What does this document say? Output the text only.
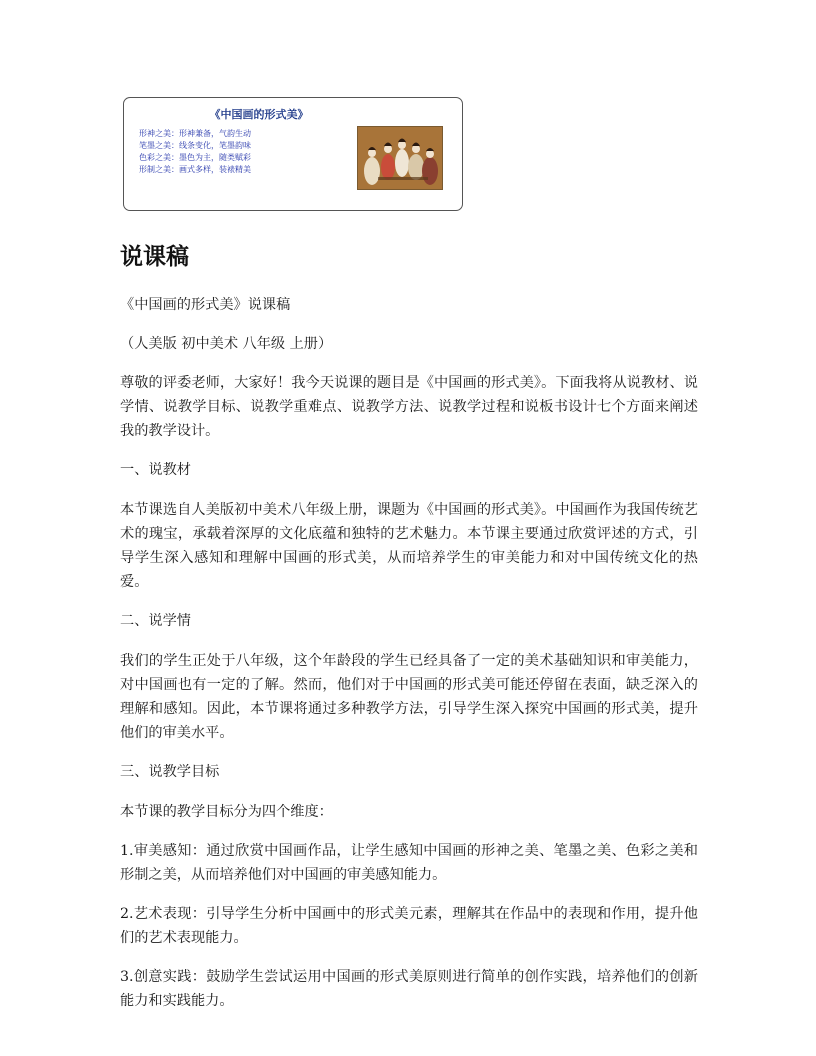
《中国画的形式美》
形神之美：形神兼备，气韵生动
笔墨之美：线条变化，笔墨韵味
色彩之美：墨色为主，随类赋彩
形制之美：画式多样，装裱精美
说课稿

《中国画的形式美》说课稿

（人美版 初中美术 八年级 上册）

尊敬的评委老师，大家好！我今天说课的题目是《中国画的形式美》。下面我将从说教材、说学情、说教学目标、说教学重难点、说教学方法、说教学过程和说板书设计七个方面来阐述我的教学设计。

一、说教材

本节课选自人美版初中美术八年级上册，课题为《中国画的形式美》。中国画作为我国传统艺术的瑰宝，承载着深厚的文化底蕴和独特的艺术魅力。本节课主要通过欣赏评述的方式，引导学生深入感知和理解中国画的形式美，从而培养学生的审美能力和对中国传统文化的热爱。

二、说学情

我们的学生正处于八年级，这个年龄段的学生已经具备了一定的美术基础知识和审美能力，对中国画也有一定的了解。然而，他们对于中国画的形式美可能还停留在表面，缺乏深入的理解和感知。因此，本节课将通过多种教学方法，引导学生深入探究中国画的形式美，提升他们的审美水平。

三、说教学目标

本节课的教学目标分为四个维度：

1.审美感知：通过欣赏中国画作品，让学生感知中国画的形神之美、笔墨之美、色彩之美和形制之美，从而培养他们对中国画的审美感知能力。

2.艺术表现：引导学生分析中国画中的形式美元素，理解其在作品中的表现和作用，提升他们的艺术表现能力。

3.创意实践：鼓励学生尝试运用中国画的形式美原则进行简单的创作实践，培养他们的创新能力和实践能力。
